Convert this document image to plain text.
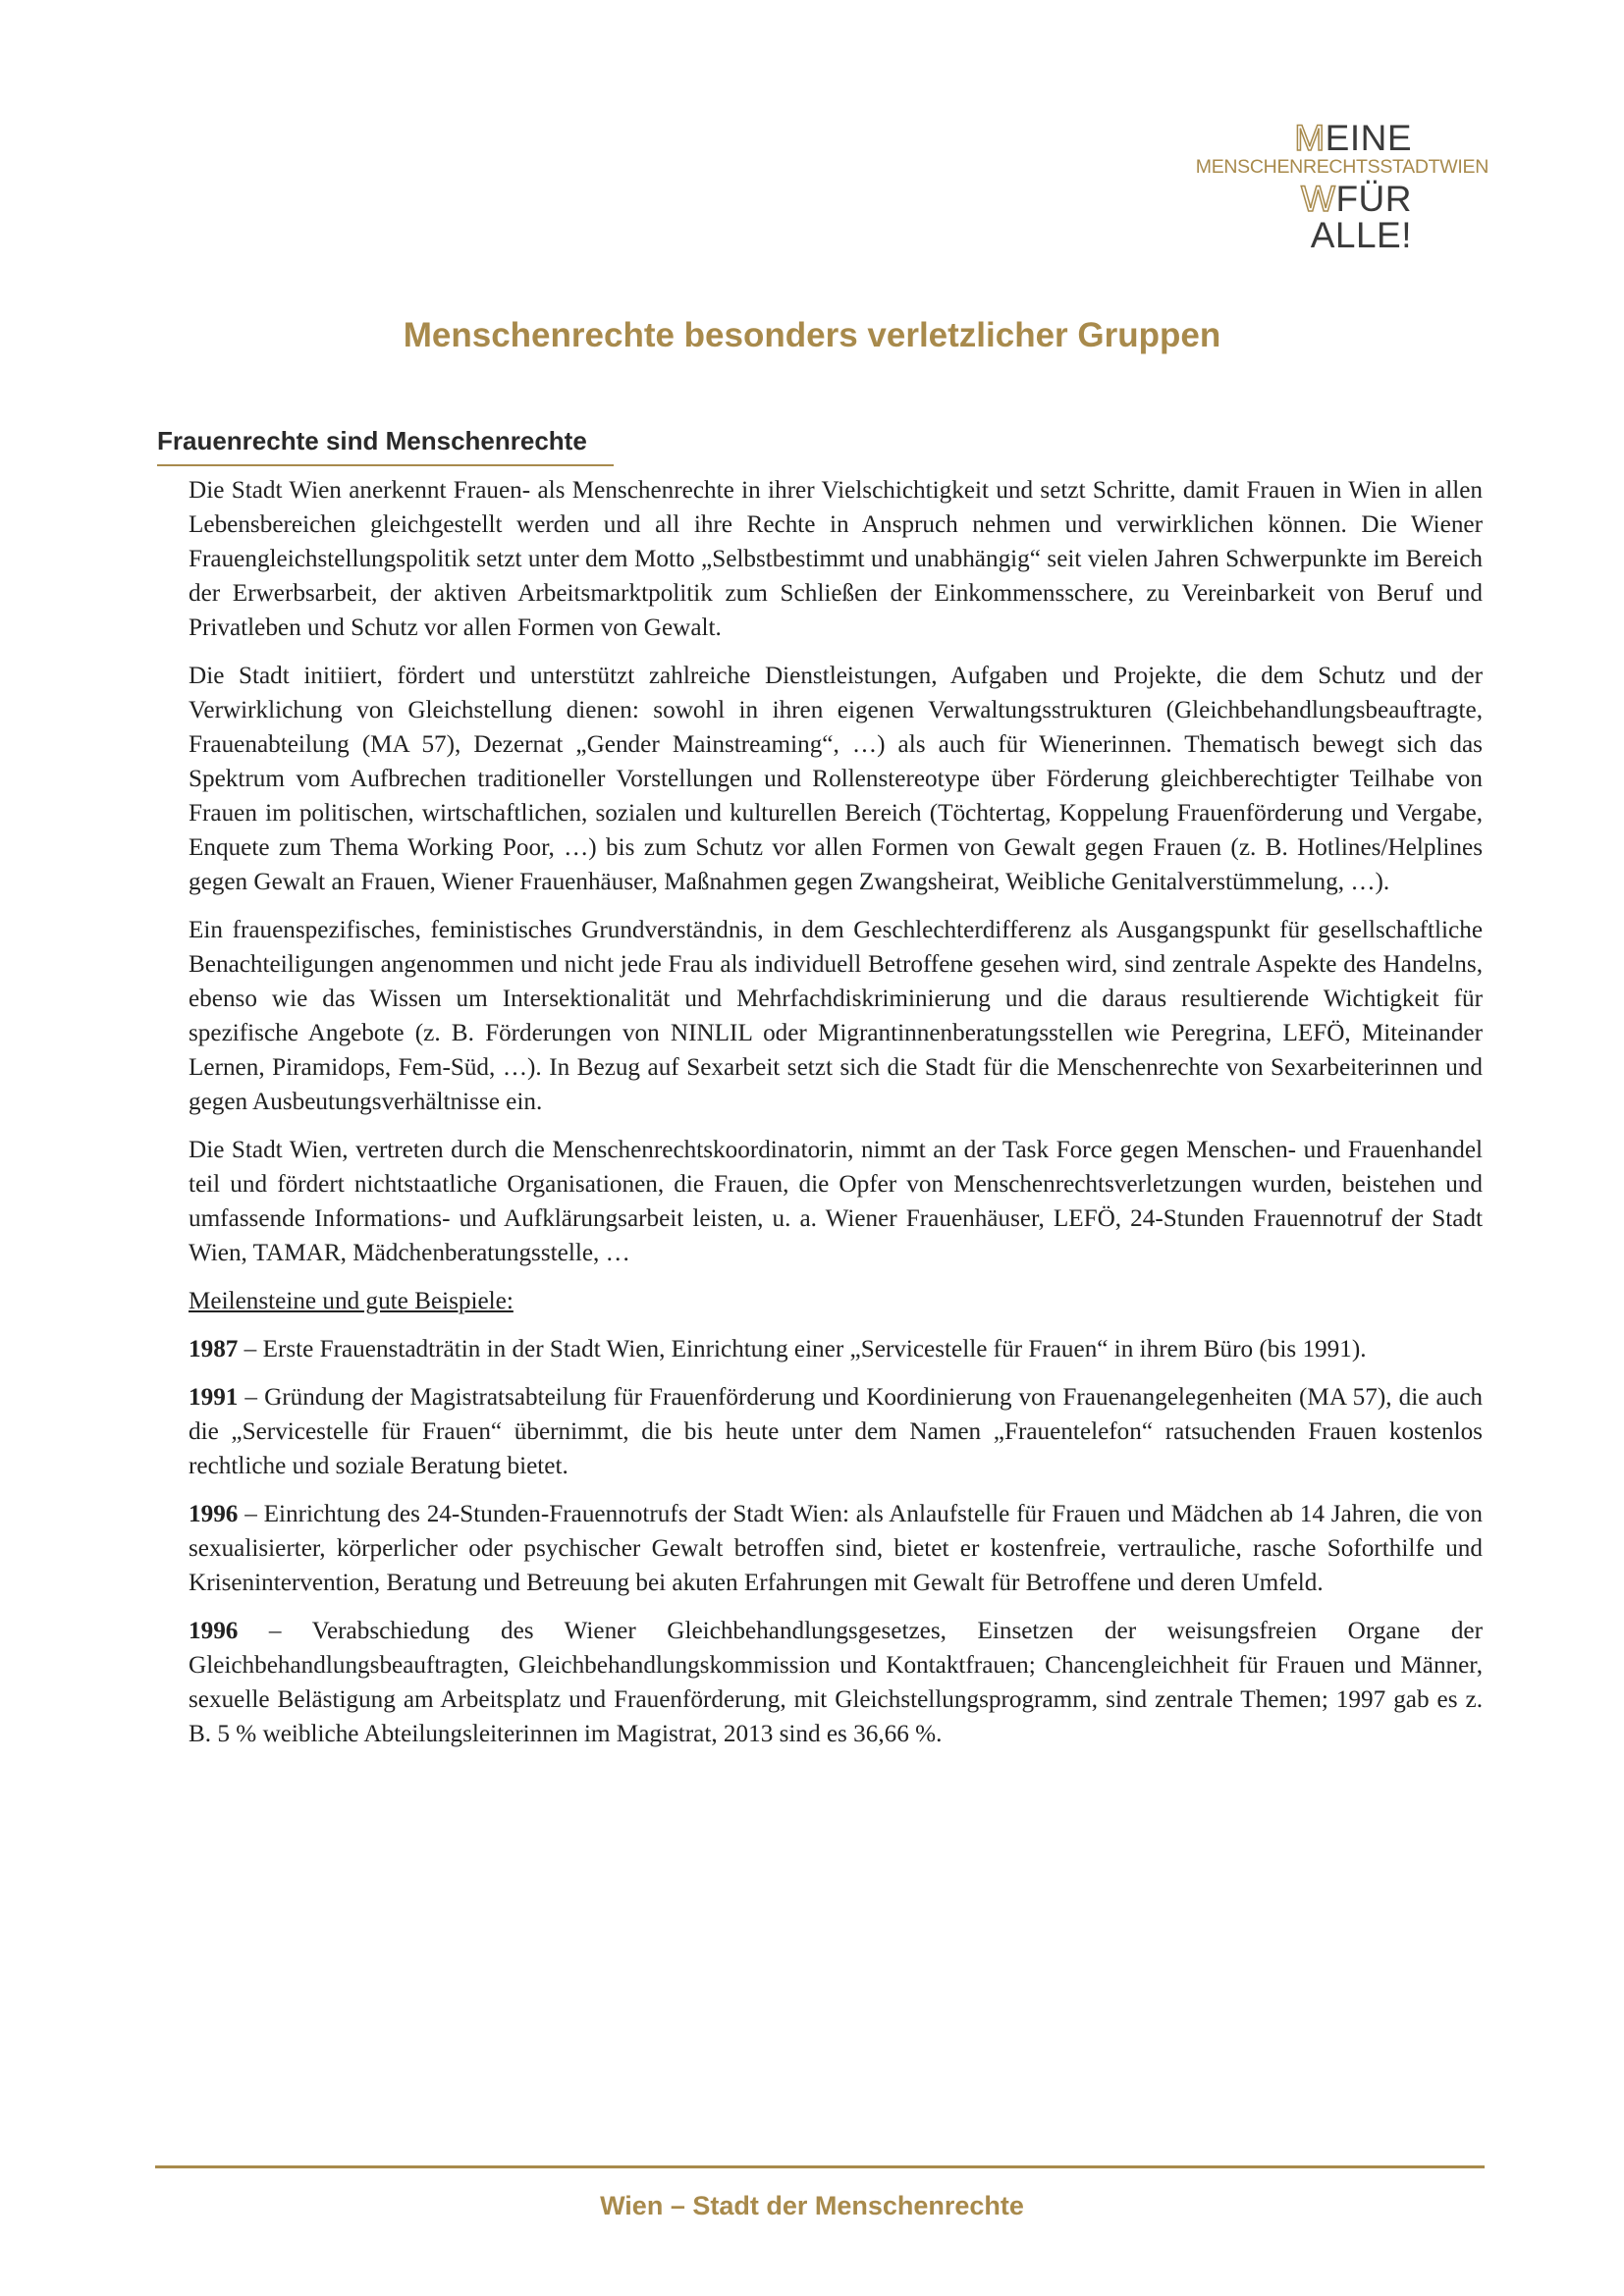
MEINE
MENSCHENRECHTSSTADTWIEN
WFÜR
ALLE!
Menschenrechte besonders verletzlicher Gruppen
Frauenrechte sind Menschenrechte

Die Stadt Wien anerkennt Frauen- als Menschenrechte in ihrer Vielschichtigkeit und setzt Schritte, damit Frauen in Wien in allen Lebensbereichen gleichgestellt werden und all ihre Rechte in Anspruch nehmen und verwirklichen können. Die Wiener Frauengleichstellungspolitik setzt unter dem Motto „Selbstbestimmt und unabhängig“ seit vielen Jahren Schwerpunkte im Bereich der Erwerbsarbeit, der aktiven Arbeitsmarktpolitik zum Schließen der Einkommensschere, zu Vereinbarkeit von Beruf und Privatleben und Schutz vor allen Formen von Gewalt.

Die Stadt initiiert, fördert und unterstützt zahlreiche Dienstleistungen, Aufgaben und Projekte, die dem Schutz und der Verwirklichung von Gleichstellung dienen: sowohl in ihren eigenen Verwaltungsstrukturen (Gleichbehandlungsbeauftragte, Frauenabteilung (MA 57), Dezernat „Gender Mainstreaming“, …) als auch für Wienerinnen. Thematisch bewegt sich das Spektrum vom Aufbrechen traditioneller Vorstellungen und Rollenstereotype über Förderung gleichberechtigter Teilhabe von Frauen im politischen, wirtschaftlichen, sozialen und kulturellen Bereich (Töchtertag, Koppelung Frauenförderung und Vergabe, Enquete zum Thema Working Poor, …) bis zum Schutz vor allen Formen von Gewalt gegen Frauen (z. B. Hotlines/Helplines gegen Gewalt an Frauen, Wiener Frauenhäuser, Maßnahmen gegen Zwangsheirat, Weibliche Genitalverstümmelung, …).

Ein frauenspezifisches, feministisches Grundverständnis, in dem Geschlechterdifferenz als Ausgangspunkt für gesellschaftliche Benachteiligungen angenommen und nicht jede Frau als individuell Betroffene gesehen wird, sind zentrale Aspekte des Handelns, ebenso wie das Wissen um Intersektionalität und Mehrfachdiskriminierung und die daraus resultierende Wichtigkeit für spezifische Angebote (z. B. Förderungen von NINLIL oder Migrantinnenberatungsstellen wie Peregrina, LEFÖ, Miteinander Lernen, Piramidops, Fem-Süd, …). In Bezug auf Sexarbeit setzt sich die Stadt für die Menschenrechte von Sexarbeiterinnen und gegen Ausbeutungsverhältnisse ein.

Die Stadt Wien, vertreten durch die Menschenrechtskoordinatorin, nimmt an der Task Force gegen Menschen- und Frauenhandel teil und fördert nichtstaatliche Organisationen, die Frauen, die Opfer von Menschenrechtsverletzungen wurden, beistehen und umfassende Informations- und Aufklärungsarbeit leisten, u. a. Wiener Frauenhäuser, LEFÖ, 24-Stunden Frauennotruf der Stadt Wien, TAMAR, Mädchenberatungsstelle, …

Meilensteine und gute Beispiele:

1987 – Erste Frauenstadträtin in der Stadt Wien, Einrichtung einer „Servicestelle für Frauen“ in ihrem Büro (bis 1991).

1991 – Gründung der Magistratsabteilung für Frauenförderung und Koordinierung von Frauenangelegenheiten (MA 57), die auch die „Servicestelle für Frauen“ übernimmt, die bis heute unter dem Namen „Frauentelefon“ ratsuchenden Frauen kostenlos rechtliche und soziale Beratung bietet.

1996 – Einrichtung des 24-Stunden-Frauennotrufs der Stadt Wien: als Anlaufstelle für Frauen und Mädchen ab 14 Jahren, die von sexualisierter, körperlicher oder psychischer Gewalt betroffen sind, bietet er kostenfreie, vertrauliche, rasche Soforthilfe und Krisenintervention, Beratung und Betreuung bei akuten Erfahrungen mit Gewalt für Betroffene und deren Umfeld.

1996 – Verabschiedung des Wiener Gleichbehandlungsgesetzes, Einsetzen der weisungsfreien Organe der Gleichbehandlungsbeauftragten, Gleichbehandlungskommission und Kontaktfrauen; Chancengleichheit für Frauen und Männer, sexuelle Belästigung am Arbeitsplatz und Frauenförderung, mit Gleichstellungsprogramm, sind zentrale Themen; 1997 gab es z. B. 5 % weibliche Abteilungsleiterinnen im Magistrat, 2013 sind es 36,66 %.

Wien – Stadt der Menschenrechte
